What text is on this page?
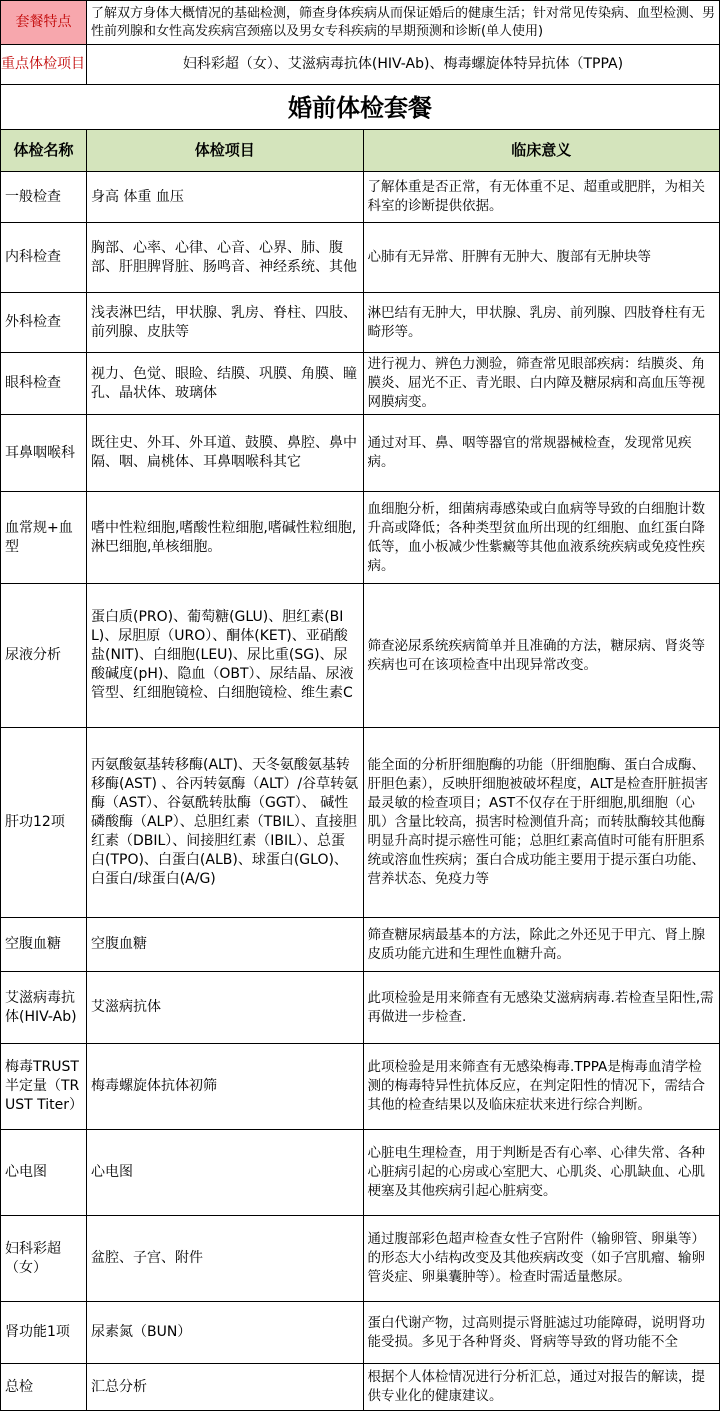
套餐特点	了解双方身体大概情况的基础检测，筛查身体疾病从而保证婚后的健康生活；针对常见传染病、血型检测、男性前列腺和女性高发疾病宫颈癌以及男女专科疾病的早期预测和诊断(单人使用)	
重点体检项目	妇科彩超（女）、艾滋病毒抗体(HIV-Ab)、梅毒螺旋体特异抗体（TPPA)	
婚前体检套餐		
体检名称	体检项目	临床意义
一般检查	身高 体重 血压	了解体重是否正常，有无体重不足、超重或肥胖，为相关科室的诊断提供依据。
内科检查	胸部、心率、心律、心音、心界、肺、腹部、肝胆脾肾脏、肠鸣音、神经系统、其他	心肺有无异常、肝脾有无肿大、腹部有无肿块等
外科检查	浅表淋巴结，甲状腺、乳房、脊柱、四肢、前列腺、皮肤等	淋巴结有无肿大，甲状腺、乳房、前列腺、四肢脊柱有无畸形等。
眼科检查	视力、色觉、眼睑、结膜、巩膜、角膜、瞳孔、晶状体、玻璃体	进行视力、辨色力测验，筛查常见眼部疾病：结膜炎、角膜炎、屈光不正、青光眼、白内障及糖尿病和高血压等视网膜病变。
耳鼻咽喉科	既往史、外耳、外耳道、鼓膜、鼻腔、鼻中隔、咽、扁桃体、耳鼻咽喉科其它	通过对耳、鼻、咽等器官的常规器械检查，发现常见疾病。
血常规+血型	嗜中性粒细胞,嗜酸性粒细胞,嗜碱性粒细胞,淋巴细胞,单核细胞。	血细胞分析，细菌病毒感染或白血病等导致的白细胞计数升高或降低；各种类型贫血所出现的红细胞、血红蛋白降低等，血小板减少性紫癜等其他血液系统疾病或免疫性疾病。
尿液分析	蛋白质(PRO)、葡萄糖(GLU)、胆红素(BIL)、尿胆原（URO）、酮体(KET)、亚硝酸盐(NIT)、白细胞(LEU)、尿比重(SG)、尿酸碱度(pH)、隐血（OBT）、尿结晶、尿液管型、红细胞镜检、白细胞镜检、维生素C	筛查泌尿系统疾病简单并且准确的方法，糖尿病、肾炎等疾病也可在该项检查中出现异常改变。
肝功12项	丙氨酸氨基转移酶(ALT)、天冬氨酸氨基转移酶(AST) 、谷丙转氨酶（ALT）/谷草转氨酶（AST）、谷氨酰转肽酶（GGT）、 碱性磷酸酶（ALP）、总胆红素（TBIL）、直接胆红素（DBIL）、间接胆红素（IBIL）、总蛋白(TPO)、白蛋白(ALB)、球蛋白(GLO)、白蛋白/球蛋白(A/G)	能全面的分析肝细胞酶的功能（肝细胞酶、蛋白合成酶、肝胆色素），反映肝细胞被破坏程度，ALT是检查肝脏损害最灵敏的检查项目；AST不仅存在于肝细胞,肌细胞（心肌）含量比较高，损害时检测值升高；而转肽酶较其他酶明显升高时提示癌性可能；总胆红素高值时可能有肝胆系统或溶血性疾病；蛋白合成功能主要用于提示蛋白功能、营养状态、免疫力等
空腹血糖	空腹血糖	筛查糖尿病最基本的方法，除此之外还见于甲亢、肾上腺皮质功能亢进和生理性血糖升高。
艾滋病毒抗体(HIV-Ab)	艾滋病抗体	此项检验是用来筛查有无感染艾滋病病毒.若检查呈阳性,需再做进一步检查.
梅毒TRUST半定量（TRUST Titer）	梅毒螺旋体抗体初筛	此项检验是用来筛查有无感染梅毒.TPPA是梅毒血清学检测的梅毒特异性抗体反应，在判定阳性的情况下，需结合其他的检查结果以及临床症状来进行综合判断。
心电图	心电图	心脏电生理检查，用于判断是否有心率、心律失常、各种心脏病引起的心房或心室肥大、心肌炎、心肌缺血、心肌梗塞及其他疾病引起心脏病变。
妇科彩超（女）	盆腔、子宫、附件	通过腹部彩色超声检查女性子宫附件（输卵管、卵巢等）的形态大小结构改变及其他疾病改变（如子宫肌瘤、输卵管炎症、卵巢囊肿等）。检查时需适量憋尿。
肾功能1项	尿素氮（BUN）	蛋白代谢产物，过高则提示肾脏滤过功能障碍，说明肾功能受损。多见于各种肾炎、肾病等导致的肾功能不全
总检	汇总分析	根据个人体检情况进行分析汇总，通过对报告的解读，提供专业化的健康建议。
